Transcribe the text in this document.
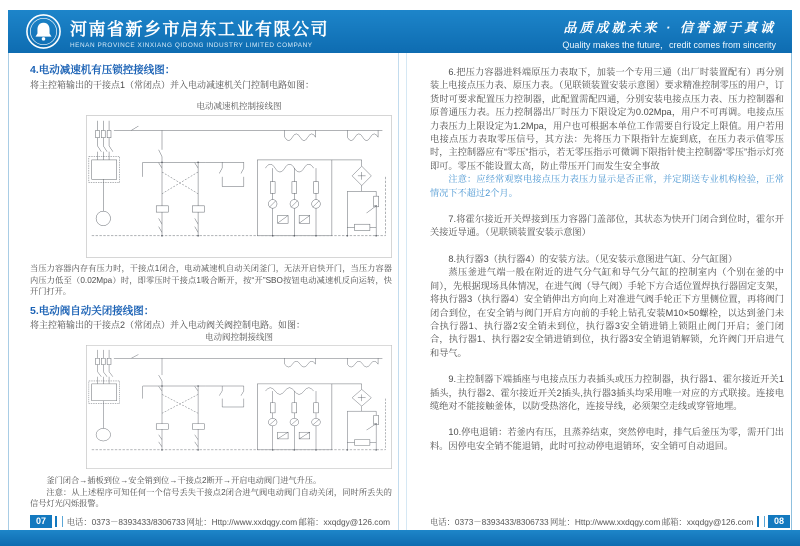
河南省新乡市启东工业有限公司
HENAN PROVINCE XINXIANG QIDONG INDUSTRY LIMITED COMPANY
品质成就未来 · 信誉源于真诚
Quality makes the future，credit comes from sincerity
4.电动减速机有压锁控接线图：
将主控箱输出的干接点1（常闭点）并入电动减速机关门控制电路如图：
电动减速机控制接线图
当压力容器内存有压力时，干接点1闭合，电动减速机自动关闭釜门，无法开启快开门，当压力容器内压力低至（0.02Mpa）时，即零压时干接点1吸合断开，按“开”SBO按钮电动减速机反向运转，快开门打开。
5.电动阀自动关闭接线图：
将主控箱输出的干接点2（常闭点）并入电动阀关阀控制电路。如图：
电动阀控制接线图
釜门闭合→插板到位→安全销到位→干接点2断开→开启电动阀门进气升压。
注意：从上述程序可知任何一个信号丢失干接点2闭合进气阀电动阀门自动关闭，同时所丢失的信号灯光闪烁报警。

6.把压力容器进料端原压力表取下，加装一个专用三通（出厂时装置配有）再分别装上电接点压力表、原压力表。（见联锁装置安装示意图）要求精准控制零压的用户，订货时可要求配置压力控制器，此配置需配四通，分别安装电接点压力表、压力控制器和原普通压力表。压力控制器出厂时压力下限设定为0.02Mpa，用户不可再调。电接点压力表压力上限设定为1.2Mpa，用户也可根据本单位工作需要自行设定上限值。用户若用电接点压力表取零压信号，其方法：先将压力下限指针左旋到底，在压力表示值零压时，主控制器应有“零压”指示，若无零压指示可微调下限指针使主控制器“零压”指示灯亮即可。零压不能设置太高，防止带压开门而发生安全事故

注意：应经常观察电接点压力表压力显示是否正常，并定期送专业机构检验，正常情况下不超过2个月。

7.将霍尔接近开关焊接到压力容器门盖部位，其状态为快开门闭合到位时，霍尔开关接近导通。（见联锁装置安装示意图）

8.执行器3（执行器4）的安装方法。（见安装示意图进气缸、分气缸图）

蒸压釜进气端一般在附近的进气分气缸和导气分气缸的控制室内（个别在釜的中间），先根据现场具体情况，在进气阀（导气阀）手轮下方合适位置焊执行器固定支架，将执行器3（执行器4）安全销伸出方向向上对准进气阀手轮正下方里侧位置，再将阀门闭合到位，在安全销与阀门开启方向前的手轮上钻孔安装M10×50螺栓，以达到釜门未合执行器1、执行器2安全销未到位，执行器3安全销进销上锁阻止阀门开启；釜门闭合，执行器1、执行器2安全销进销到位，执行器3安全销退销解锁，允许阀门开启进气和导气。

9.主控制器下端插座与电接点压力表插头或压力控制器，执行器1、霍尔接近开关1插头，执行器2、霍尔接近开关2插头,执行器3插头均采用唯一对应的方式联接。连接电缆绝对不能接触釜体，以防受热溶化，连接导线，必须架空走线或穿管地埋。

10.停电退销：若釜内有压，且蒸养结束，突然停电时，排气后釜压为零，需开门出料。因停电安全销不能退销，此时可拉动停电退销环，安全销可自动退回。

07	电话：0373－8393433/8306733 网址：Http://www.xxdqgy.com 邮箱：xxqdgy@126.com	电话：0373－8393433/8306733 网址：Http://www.xxdqgy.com 邮箱：xxqdgy@126.com	08
